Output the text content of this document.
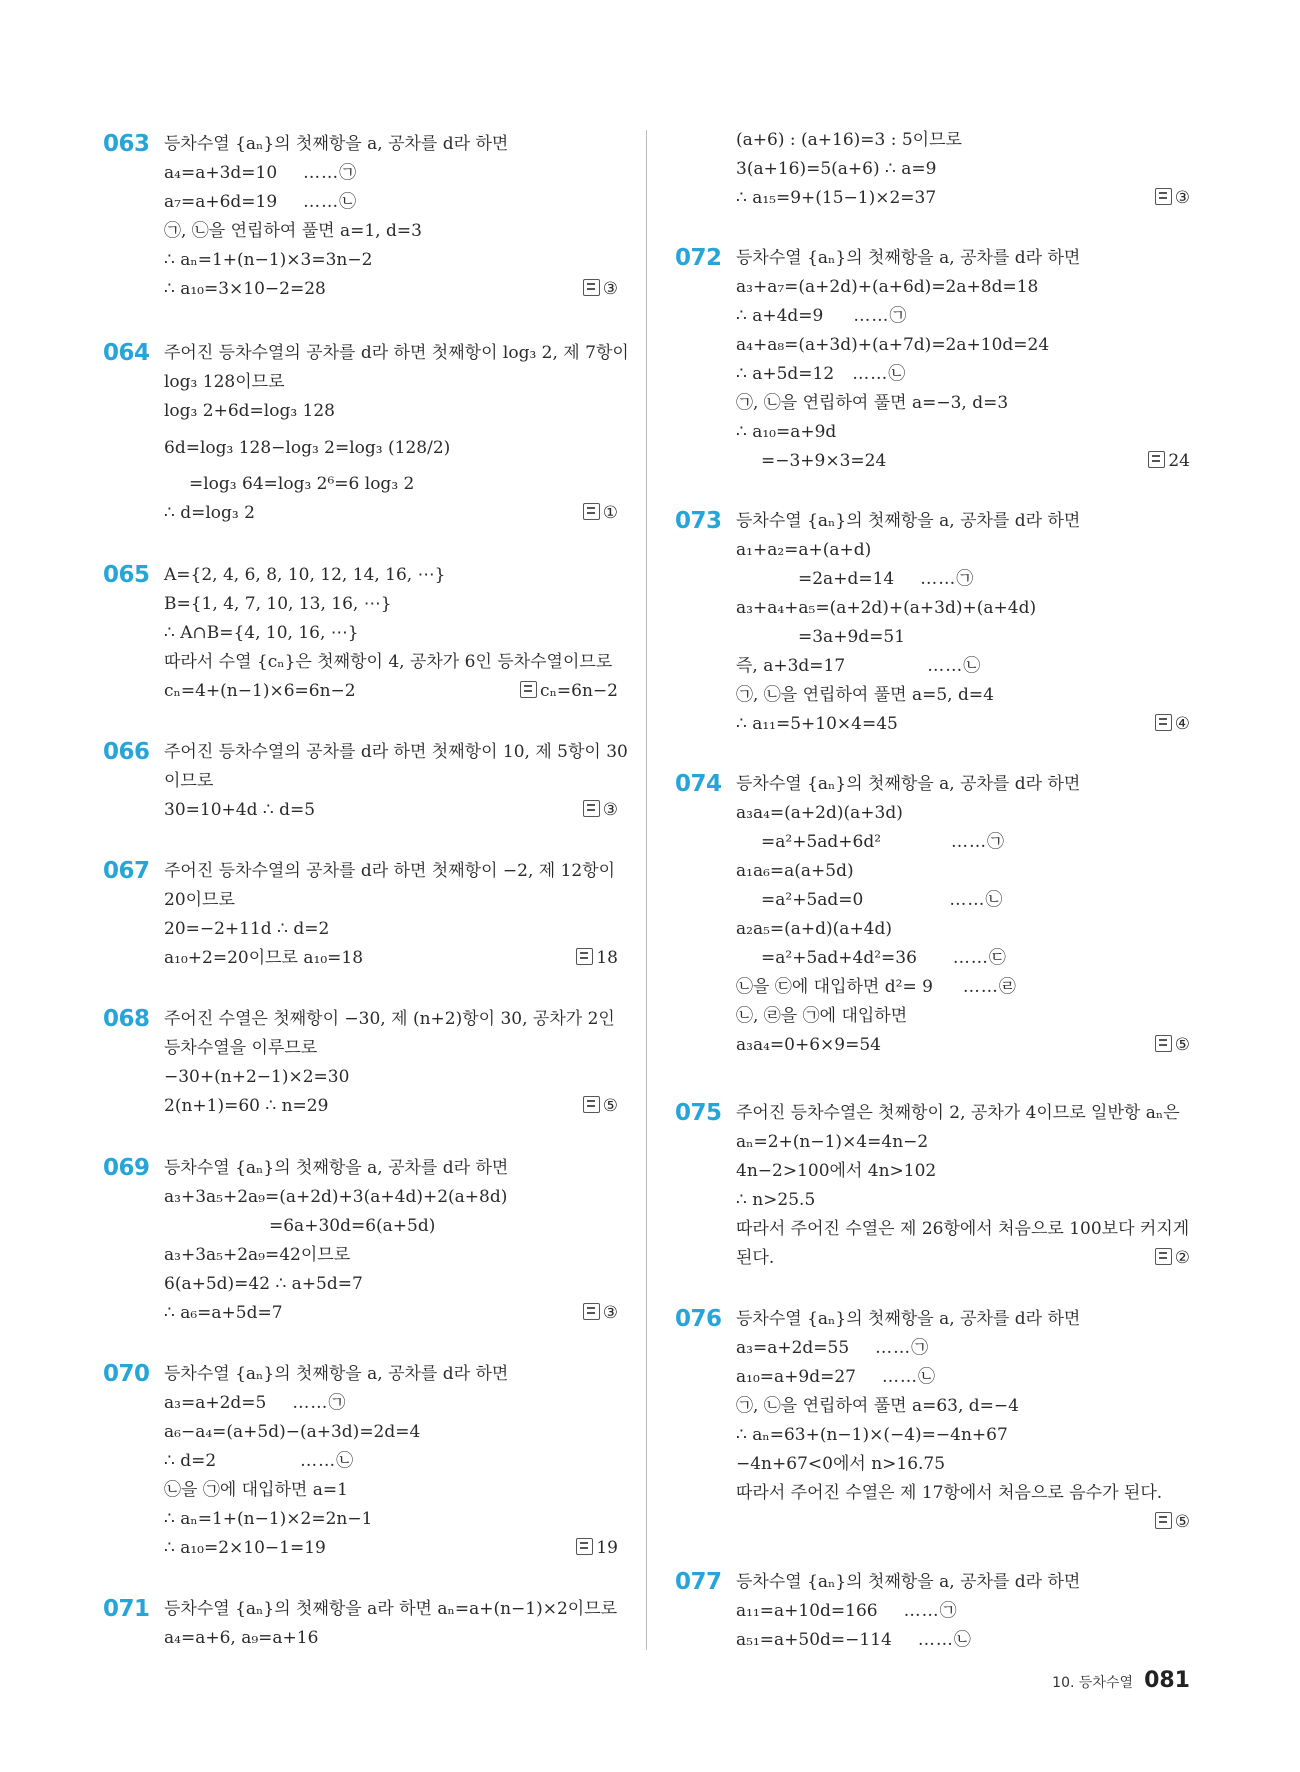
063 등차수열 {aₙ}의 첫째항을 a, 공차를 d라 하면
a₄=a+3d=10 ……㉠
a₇=a+6d=19 ……㉡
㉠, ㉡을 연립하여 풀면 a=1, d=3
∴ aₙ=1+(n−1)×3=3n−2
∴ a₁₀=3×10−2=28	③
064 주어진 등차수열의 공차를 d라 하면 첫째항이 log₃ 2, 제 7항이
log₃ 128이므로
log₃ 2+6d=log₃ 128
6d=log₃ 128−log₃ 2=log₃ (128/2)
=log₃ 64=log₃ 2⁶=6 log₃ 2
∴ d=log₃ 2	①
065 A={2, 4, 6, 8, 10, 12, 14, 16, ⋯}
B={1, 4, 7, 10, 13, 16, ⋯}
∴ A∩B={4, 10, 16, ⋯}
따라서 수열 {cₙ}은 첫째항이 4, 공차가 6인 등차수열이므로
cₙ=4+(n−1)×6=6n−2	cₙ=6n−2
066 주어진 등차수열의 공차를 d라 하면 첫째항이 10, 제 5항이 30
이므로
30=10+4d ∴ d=5	③
067 주어진 등차수열의 공차를 d라 하면 첫째항이 −2, 제 12항이
20이므로
20=−2+11d ∴ d=2
a₁₀+2=20이므로 a₁₀=18	18
068 주어진 수열은 첫째항이 −30, 제 (n+2)항이 30, 공차가 2인
등차수열을 이루므로
−30+(n+2−1)×2=30
2(n+1)=60 ∴ n=29	⑤
069 등차수열 {aₙ}의 첫째항을 a, 공차를 d라 하면
a₃+3a₅+2a₉=(a+2d)+3(a+4d)+2(a+8d)
=6a+30d=6(a+5d)
a₃+3a₅+2a₉=42이므로
6(a+5d)=42 ∴ a+5d=7
∴ a₆=a+5d=7	③
070 등차수열 {aₙ}의 첫째항을 a, 공차를 d라 하면
a₃=a+2d=5 ……㉠
a₆−a₄=(a+5d)−(a+3d)=2d=4
∴ d=2	……㉡
㉡을 ㉠에 대입하면 a=1
∴ aₙ=1+(n−1)×2=2n−1
∴ a₁₀=2×10−1=19	19
071 등차수열 {aₙ}의 첫째항을 a라 하면 aₙ=a+(n−1)×2이므로
a₄=a+6, a₉=a+16
(a+6) : (a+16)=3 : 5이므로
3(a+16)=5(a+6) ∴ a=9
∴ a₁₅=9+(15−1)×2=37	③
072 등차수열 {aₙ}의 첫째항을 a, 공차를 d라 하면
a₃+a₇=(a+2d)+(a+6d)=2a+8d=18
∴ a+4d=9 ……㉠
a₄+a₈=(a+3d)+(a+7d)=2a+10d=24
∴ a+5d=12 ……㉡
㉠, ㉡을 연립하여 풀면 a=−3, d=3
∴ a₁₀=a+9d
=−3+9×3=24	24
073 등차수열 {aₙ}의 첫째항을 a, 공차를 d라 하면
a₁+a₂=a+(a+d)
=2a+d=14 ……㉠
a₃+a₄+a₅=(a+2d)+(a+3d)+(a+4d)
=3a+9d=51
즉, a+3d=17	……㉡
㉠, ㉡을 연립하여 풀면 a=5, d=4
∴ a₁₁=5+10×4=45	④
074 등차수열 {aₙ}의 첫째항을 a, 공차를 d라 하면
a₃a₄=(a+2d)(a+3d)
=a²+5ad+6d²	……㉠
a₁a₆=a(a+5d)
=a²+5ad=0	……㉡
a₂a₅=(a+d)(a+4d)
=a²+5ad+4d²=36 ……㉢
㉡을 ㉢에 대입하면 d²= 9 ……㉣
㉡, ㉣을 ㉠에 대입하면
a₃a₄=0+6×9=54	⑤
075 주어진 등차수열은 첫째항이 2, 공차가 4이므로 일반항 aₙ은
aₙ=2+(n−1)×4=4n−2
4n−2>100에서 4n>102
∴ n>25.5
따라서 주어진 수열은 제 26항에서 처음으로 100보다 커지게
된다.	②
076 등차수열 {aₙ}의 첫째항을 a, 공차를 d라 하면
a₃=a+2d=55 ……㉠
a₁₀=a+9d=27 ……㉡
㉠, ㉡을 연립하여 풀면 a=63, d=−4
∴ aₙ=63+(n−1)×(−4)=−4n+67
−4n+67<0에서 n>16.75
따라서 주어진 수열은 제 17항에서 처음으로 음수가 된다.
⑤
077 등차수열 {aₙ}의 첫째항을 a, 공차를 d라 하면
a₁₁=a+10d=166 ……㉠
a₅₁=a+50d=−114 ……㉡
10. 등차수열 081
